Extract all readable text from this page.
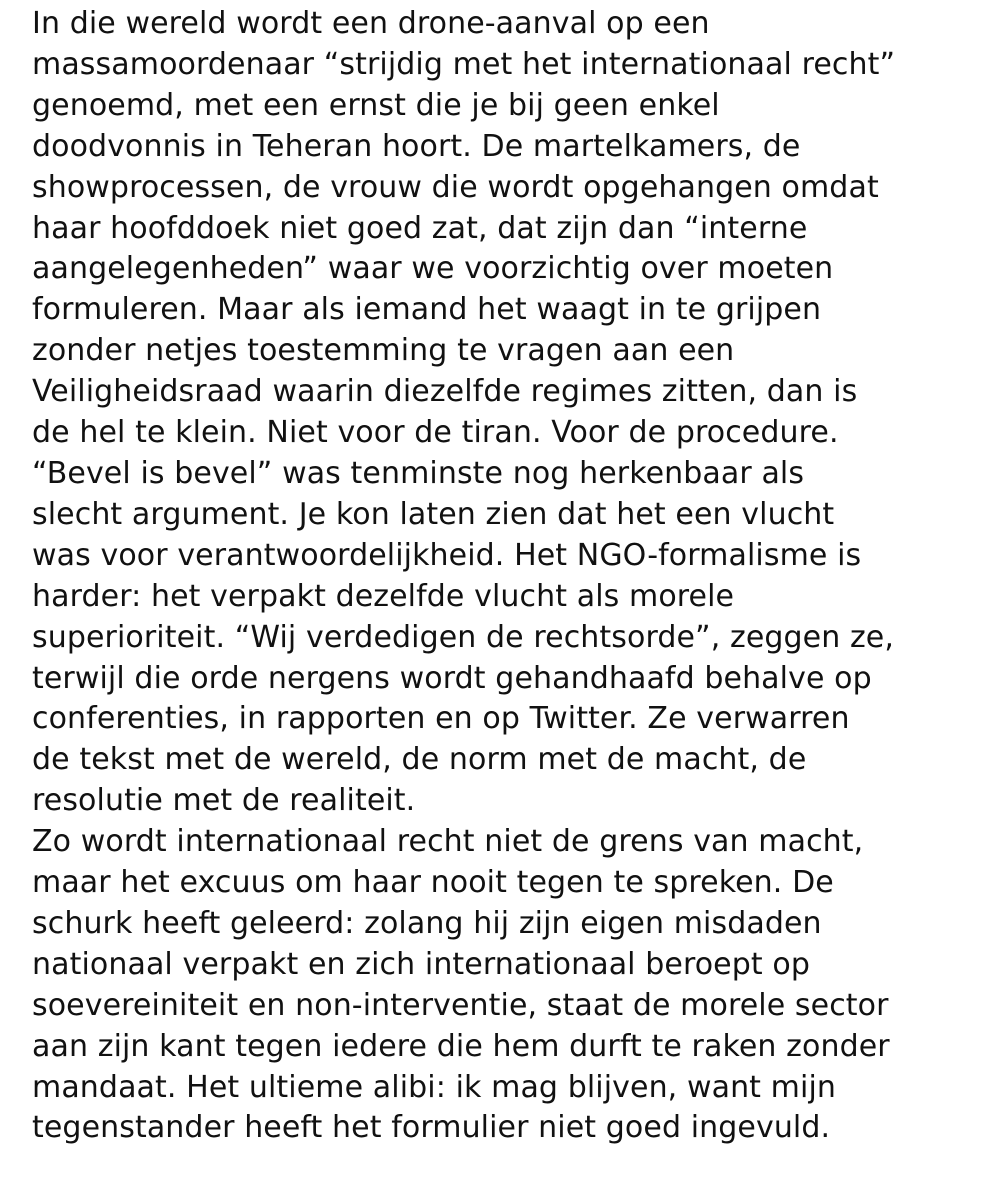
In die wereld wordt een drone-aanval op een
massamoordenaar “strijdig met het internationaal recht”
genoemd, met een ernst die je bij geen enkel
doodvonnis in Teheran hoort. De martelkamers, de
showprocessen, de vrouw die wordt opgehangen omdat
haar hoofddoek niet goed zat, dat zijn dan “interne
aangelegenheden” waar we voorzichtig over moeten
formuleren. Maar als iemand het waagt in te grijpen
zonder netjes toestemming te vragen aan een
Veiligheidsraad waarin diezelfde regimes zitten, dan is
de hel te klein. Niet voor de tiran. Voor de procedure.
“Bevel is bevel” was tenminste nog herkenbaar als
slecht argument. Je kon laten zien dat het een vlucht
was voor verantwoordelijkheid. Het NGO-formalisme is
harder: het verpakt dezelfde vlucht als morele
superioriteit. “Wij verdedigen de rechtsorde”, zeggen ze,
terwijl die orde nergens wordt gehandhaafd behalve op
conferenties, in rapporten en op Twitter. Ze verwarren
de tekst met de wereld, de norm met de macht, de
resolutie met de realiteit.
Zo wordt internationaal recht niet de grens van macht,
maar het excuus om haar nooit tegen te spreken. De
schurk heeft geleerd: zolang hij zijn eigen misdaden
nationaal verpakt en zich internationaal beroept op
soevereiniteit en non-interventie, staat de morele sector
aan zijn kant tegen iedere die hem durft te raken zonder
mandaat. Het ultieme alibi: ik mag blijven, want mijn
tegenstander heeft het formulier niet goed ingevuld.
